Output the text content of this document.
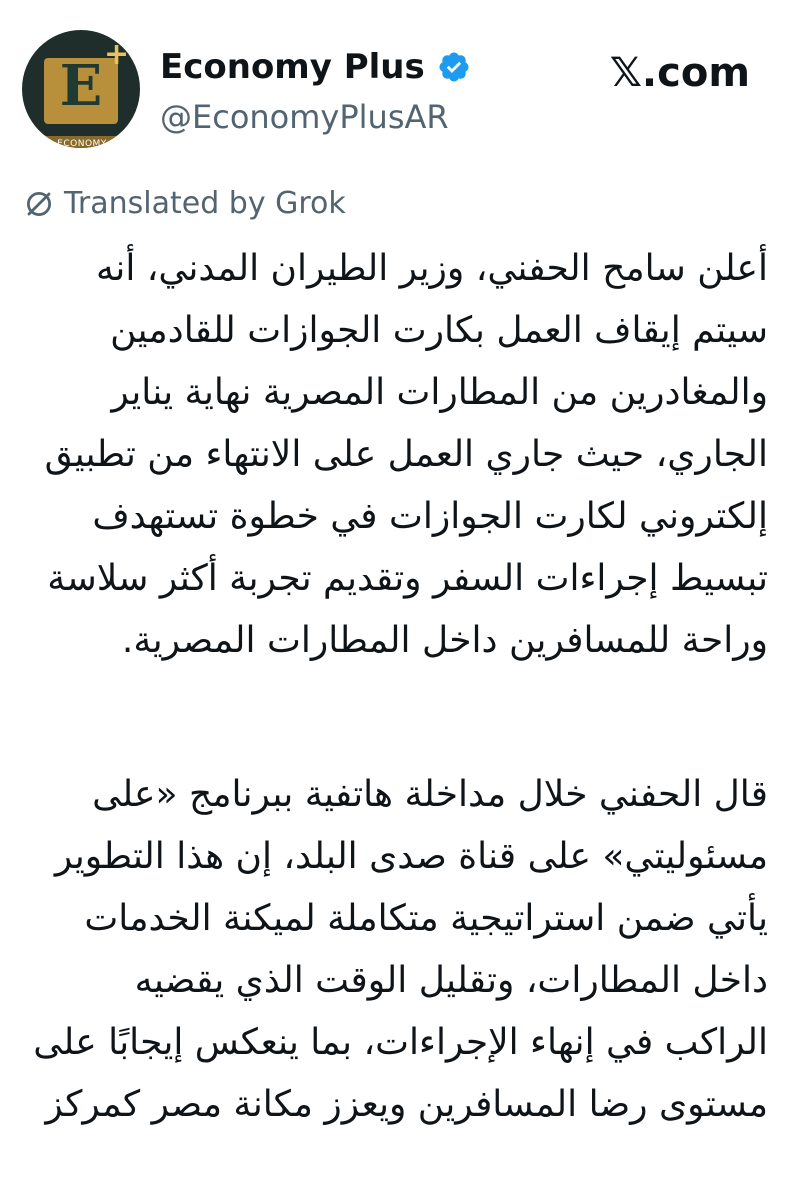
E +
ECONOMY
Economy Plus
@EconomyPlusAR
𝕏.com
Translated by Grok

أعلن سامح الحفني، وزير الطيران المدني، أنه سيتم إيقاف العمل بكارت الجوازات للقادمين والمغادرين من المطارات المصرية نهاية يناير الجاري، حيث جاري العمل على الانتهاء من تطبيق إلكتروني لكارت الجوازات في خطوة تستهدف تبسيط إجراءات السفر وتقديم تجربة أكثر سلاسة وراحة للمسافرين داخل المطارات المصرية.

قال الحفني خلال مداخلة هاتفية ببرنامج «على مسئوليتي» على قناة صدى البلد، إن هذا التطوير يأتي ضمن استراتيجية متكاملة لميكنة الخدمات داخل المطارات، وتقليل الوقت الذي يقضيه الراكب في إنهاء الإجراءات، بما ينعكس إيجابًا على مستوى رضا المسافرين ويعزز مكانة مصر كمركز
